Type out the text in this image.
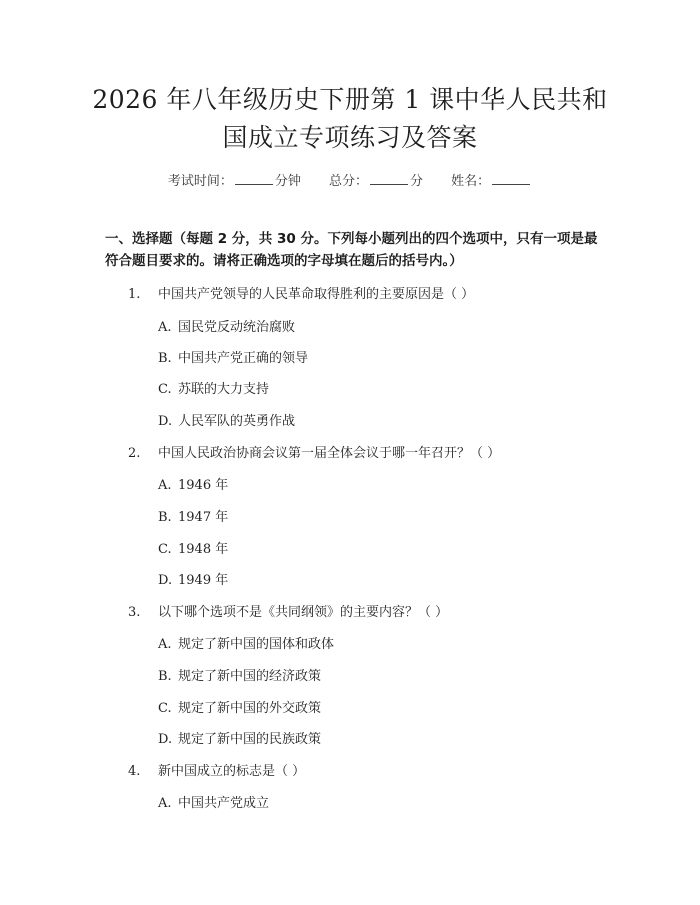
2026 年八年级历史下册第 1 课中华人民共和
国成立专项练习及答案
考试时间：	分钟 总分：	分 姓名：
一、选择题（每题 2 分，共 30 分。下列每小题列出的四个选项中，只有一项是最符合题目要求的。请将正确选项的字母填在题后的括号内。）
1. 中国共产党领导的人民革命取得胜利的主要原因是（ ）
A. 国民党反动统治腐败
B. 中国共产党正确的领导
C. 苏联的大力支持
D. 人民军队的英勇作战
2. 中国人民政治协商会议第一届全体会议于哪一年召开？（ ）
A. 1946 年
B. 1947 年
C. 1948 年
D. 1949 年
3. 以下哪个选项不是《共同纲领》的主要内容？（ ）
A. 规定了新中国的国体和政体
B. 规定了新中国的经济政策
C. 规定了新中国的外交政策
D. 规定了新中国的民族政策
4. 新中国成立的标志是（ ）
A. 中国共产党成立
